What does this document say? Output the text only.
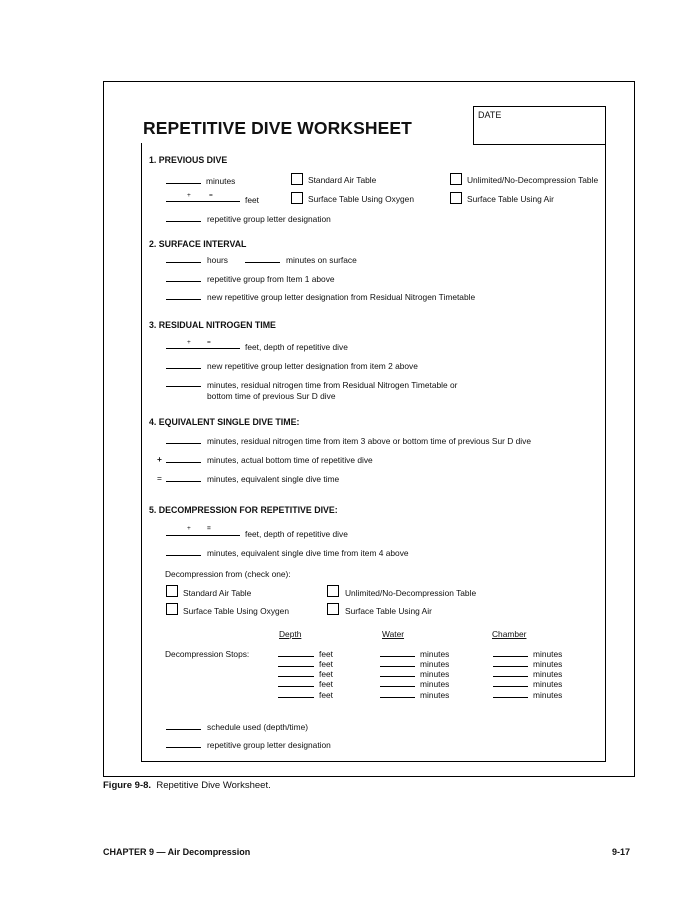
DATE
REPETITIVE DIVE WORKSHEET
1. PREVIOUS DIVE
minutes
+	=	feet
repetitive group letter designation
Standard Air Table
Surface Table Using Oxygen
Unlimited/No-Decompression Table
Surface Table Using Air
2. SURFACE INTERVAL
hours	minutes on surface
repetitive group from Item 1 above
new repetitive group letter designation from Residual Nitrogen Timetable
3. RESIDUAL NITROGEN TIME
+ =	feet, depth of repetitive dive
new repetitive group letter designation from item 2 above
minutes, residual nitrogen time from Residual Nitrogen Timetable or
bottom time of previous Sur D dive
4. EQUIVALENT SINGLE DIVE TIME:
minutes, residual nitrogen time from item 3 above or bottom time of previous Sur D dive
+	minutes, actual bottom time of repetitive dive
=	minutes, equivalent single dive time
5. DECOMPRESSION FOR REPETITIVE DIVE:
+ =
feet, depth of repetitive dive
minutes, equivalent single dive time from item 4 above
Decompression from (check one):
Standard Air Table	Unlimited/No-Decompression Table
Surface Table Using Oxygen	Surface Table Using Air
Depth	Water	Chamber
Decompression Stops:	feet	minutes	minutes
feet	minutes	minutes
feet	minutes	minutes
feet	minutes	minutes
feet	minutes	minutes
schedule used (depth/time)
repetitive group letter designation
Figure 9-8. Repetitive Dive Worksheet.
CHAPTER 9 — Air Decompression	9-17
